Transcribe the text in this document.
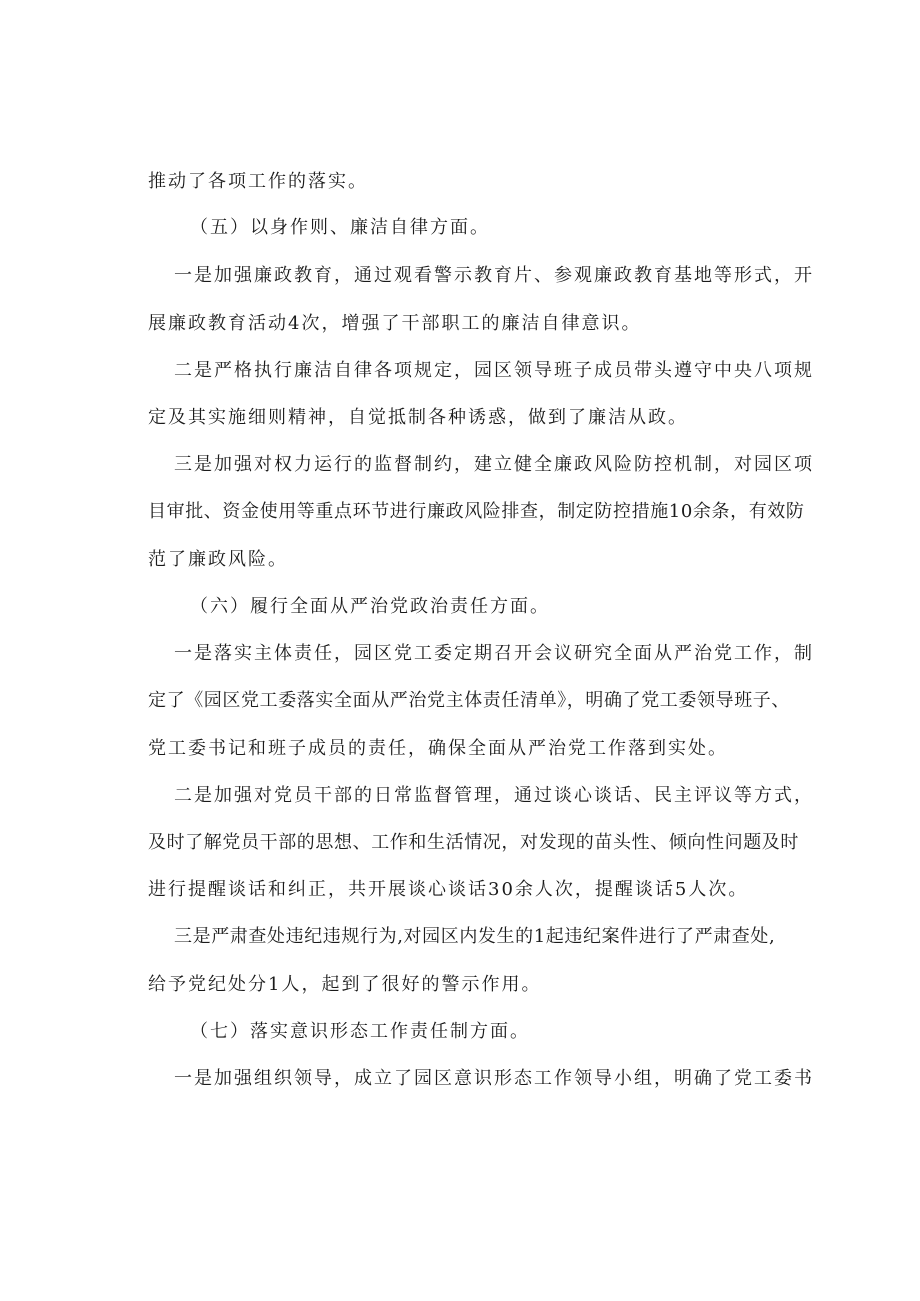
推动了各项工作的落实。
（五）以身作则、廉洁自律方面。
一是加强廉政教育，通过观看警示教育片、参观廉政教育基地等形式，开
展廉政教育活动4次，增强了干部职工的廉洁自律意识。
二是严格执行廉洁自律各项规定，园区领导班子成员带头遵守中央八项规
定及其实施细则精神，自觉抵制各种诱惑，做到了廉洁从政。
三是加强对权力运行的监督制约，建立健全廉政风险防控机制，对园区项
目审批、资金使用等重点环节进行廉政风险排查，制定防控措施10余条，有效防
范了廉政风险。
（六）履行全面从严治党政治责任方面。
一是落实主体责任，园区党工委定期召开会议研究全面从严治党工作，制
定了《园区党工委落实全面从严治党主体责任清单》，明确了党工委领导班子、
党工委书记和班子成员的责任，确保全面从严治党工作落到实处。
二是加强对党员干部的日常监督管理，通过谈心谈话、民主评议等方式，
及时了解党员干部的思想、工作和生活情况，对发现的苗头性、倾向性问题及时
进行提醒谈话和纠正，共开展谈心谈话30余人次，提醒谈话5人次。
三是严肃查处违纪违规行为,对园区内发生的1起违纪案件进行了严肃查处,
给予党纪处分1人，起到了很好的警示作用。
（七）落实意识形态工作责任制方面。
一是加强组织领导，成立了园区意识形态工作领导小组，明确了党工委书
